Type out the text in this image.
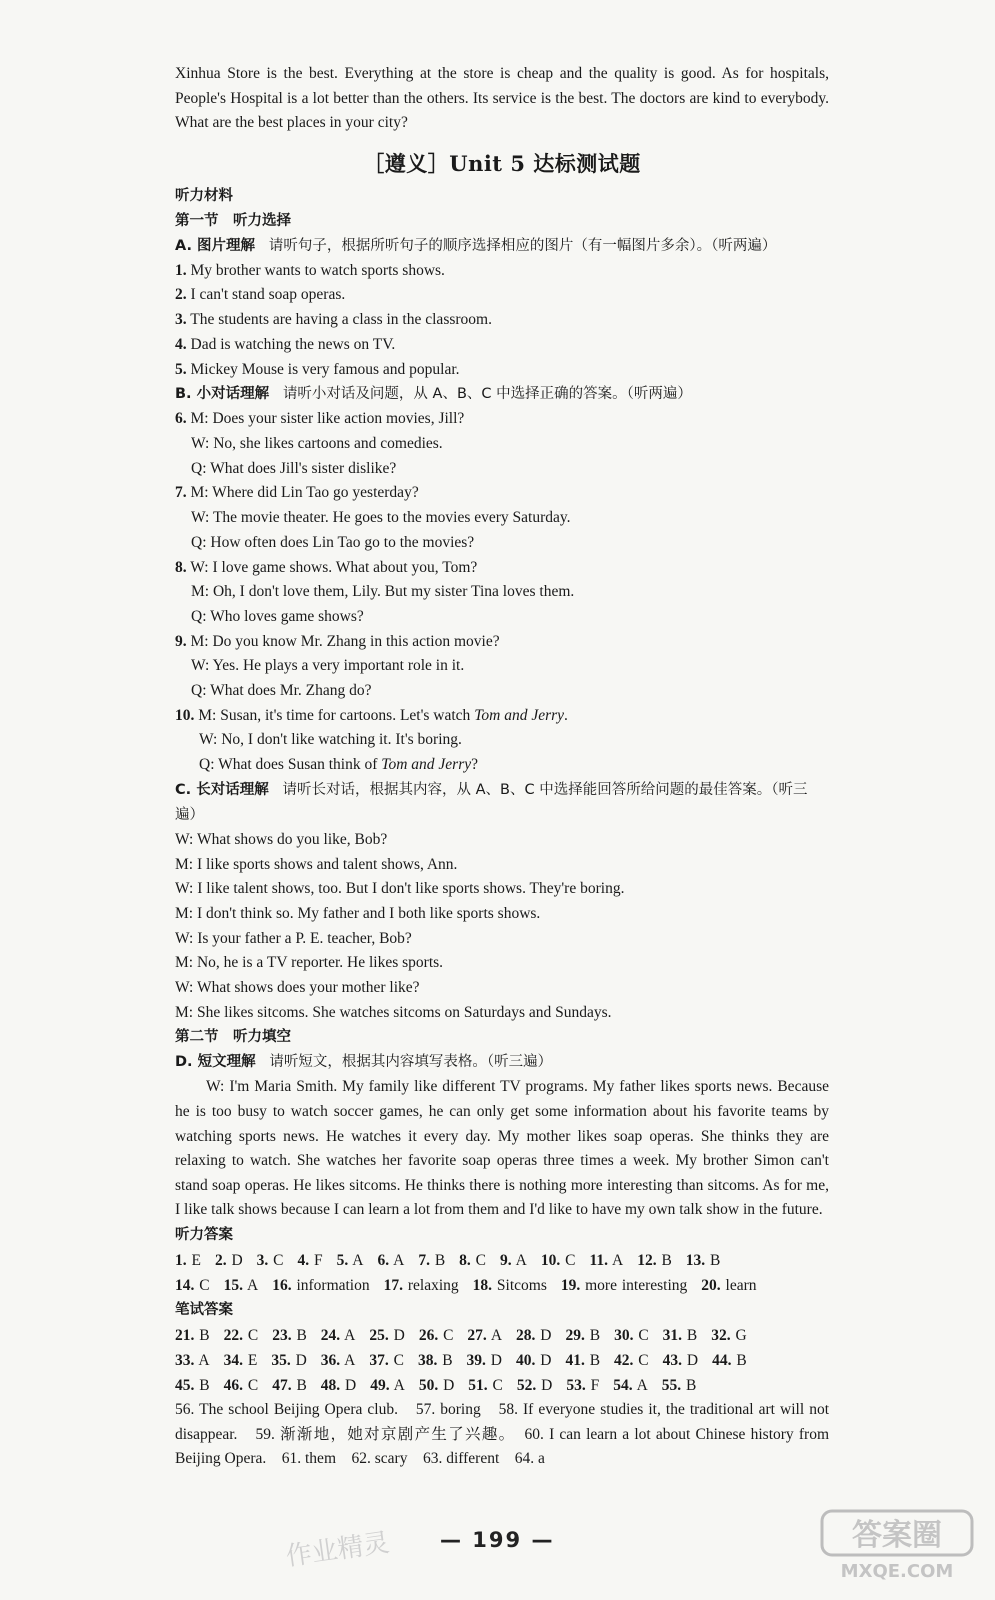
Xinhua Store is the best. Everything at the store is cheap and the quality is good. As for hospitals, People's Hospital is a lot better than the others. Its service is the best. The doctors are kind to everybody. What are the best places in your city?

［遵义］Unit 5 达标测试题
听力材料
第一节　听力选择
A. 图片理解 请听句子，根据所听句子的顺序选择相应的图片（有一幅图片多余）。（听两遍）

1. My brother wants to watch sports shows.

2. I can't stand soap operas.

3. The students are having a class in the classroom.

4. Dad is watching the news on TV.

5. Mickey Mouse is very famous and popular.

B. 小对话理解 请听小对话及问题，从 A、B、C 中选择正确的答案。（听两遍）

6. M: Does your sister like action movies, Jill?

W: No, she likes cartoons and comedies.

Q: What does Jill's sister dislike?

7. M: Where did Lin Tao go yesterday?

W: The movie theater. He goes to the movies every Saturday.

Q: How often does Lin Tao go to the movies?

8. W: I love game shows. What about you, Tom?

M: Oh, I don't love them, Lily. But my sister Tina loves them.

Q: Who loves game shows?

9. M: Do you know Mr. Zhang in this action movie?

W: Yes. He plays a very important role in it.

Q: What does Mr. Zhang do?

10. M: Susan, it's time for cartoons. Let's watch Tom and Jerry.

W: No, I don't like watching it. It's boring.

Q: What does Susan think of Tom and Jerry?

C. 长对话理解 请听长对话，根据其内容，从 A、B、C 中选择能回答所给问题的最佳答案。（听三遍）

W: What shows do you like, Bob?

M: I like sports shows and talent shows, Ann.

W: I like talent shows, too. But I don't like sports shows. They're boring.

M: I don't think so. My father and I both like sports shows.

W: Is your father a P. E. teacher, Bob?

M: No, he is a TV reporter. He likes sports.

W: What shows does your mother like?

M: She likes sitcoms. She watches sitcoms on Saturdays and Sundays.

第二节　听力填空
D. 短文理解 请听短文，根据其内容填写表格。（听三遍）

W: I'm Maria Smith. My family like different TV programs. My father likes sports news. Because he is too busy to watch soccer games, he can only get some information about his favorite teams by watching sports news. He watches it every day. My mother likes soap operas. She thinks they are relaxing to watch. She watches her favorite soap operas three times a week. My brother Simon can't stand soap operas. He likes sitcoms. He thinks there is nothing more interesting than sitcoms. As for me, I like talk shows because I can learn a lot from them and I'd like to have my own talk show in the future.

听力答案
1. E 2. D 3. C 4. F 5. A 6. A 7. B 8. C 9. A 10. C 11. A 12. B 13. B
14. C 15. A 16. information 17. relaxing 18. Sitcoms 19. more interesting 20. learn
笔试答案
21. B 22. C 23. B 24. A 25. D 26. C 27. A 28. D 29. B 30. C 31. B 32. G
33. A 34. E 35. D 36. A 37. C 38. B 39. D 40. D 41. B 42. C 43. D 44. B
45. B 46. C 47. B 48. D 49. A 50. D 51. C 52. D 53. F 54. A 55. B

56. The school Beijing Opera club.　57. boring　58. If everyone studies it, the traditional art will not disappear.　59. 渐渐地，她对京剧产生了兴趣。　60. I can learn a lot about Chinese history from Beijing Opera.　61. them　62. scary　63. different　64. a

作业精灵	— 199 —	答案圈
MXQE.COM
